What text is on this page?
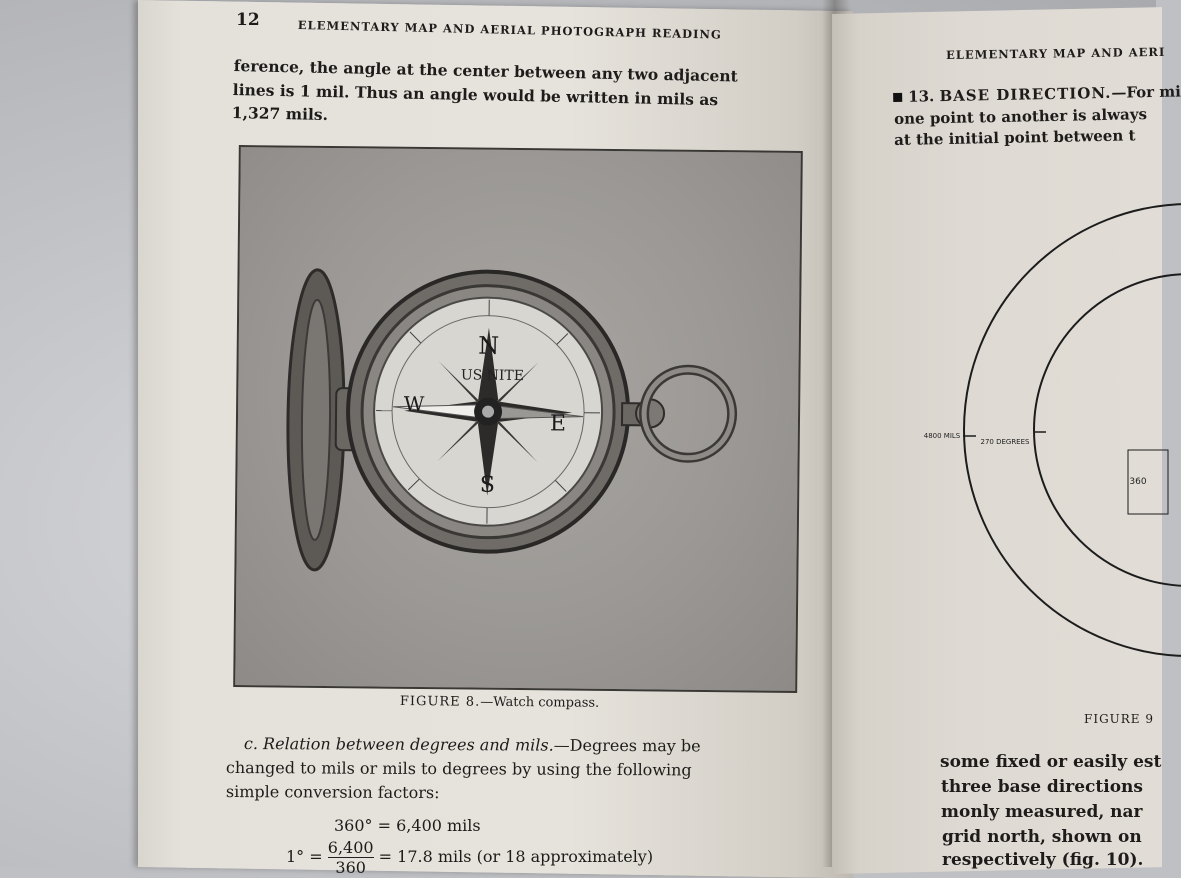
12	ELEMENTARY MAP AND AERIAL PHOTOGRAPH READING
ference, the angle at the center between any two adjacent
lines is 1 mil. Thus an angle would be written in mils as
1,327 mils.
N
S
E
W
US NITE
FIGURE 8.—Watch compass.
c. Relation between degrees and mils.—Degrees may be
changed to mils or mils to degrees by using the following
simple conversion factors:
360° = 6,400 mils
$1^\circ = \frac{6,400}{360} = 17.8$ mils (or 18 approximately)
ELEMENTARY MAP AND AERI
13. BASE DIRECTION.—For mi
one point to another is always
at the initial point between t
4800 MILS
270 DEGREES
360
FIGURE 9
some fixed or easily est
three base directions
monly measured, nar
grid north, shown on
respectively (fig. 10).
